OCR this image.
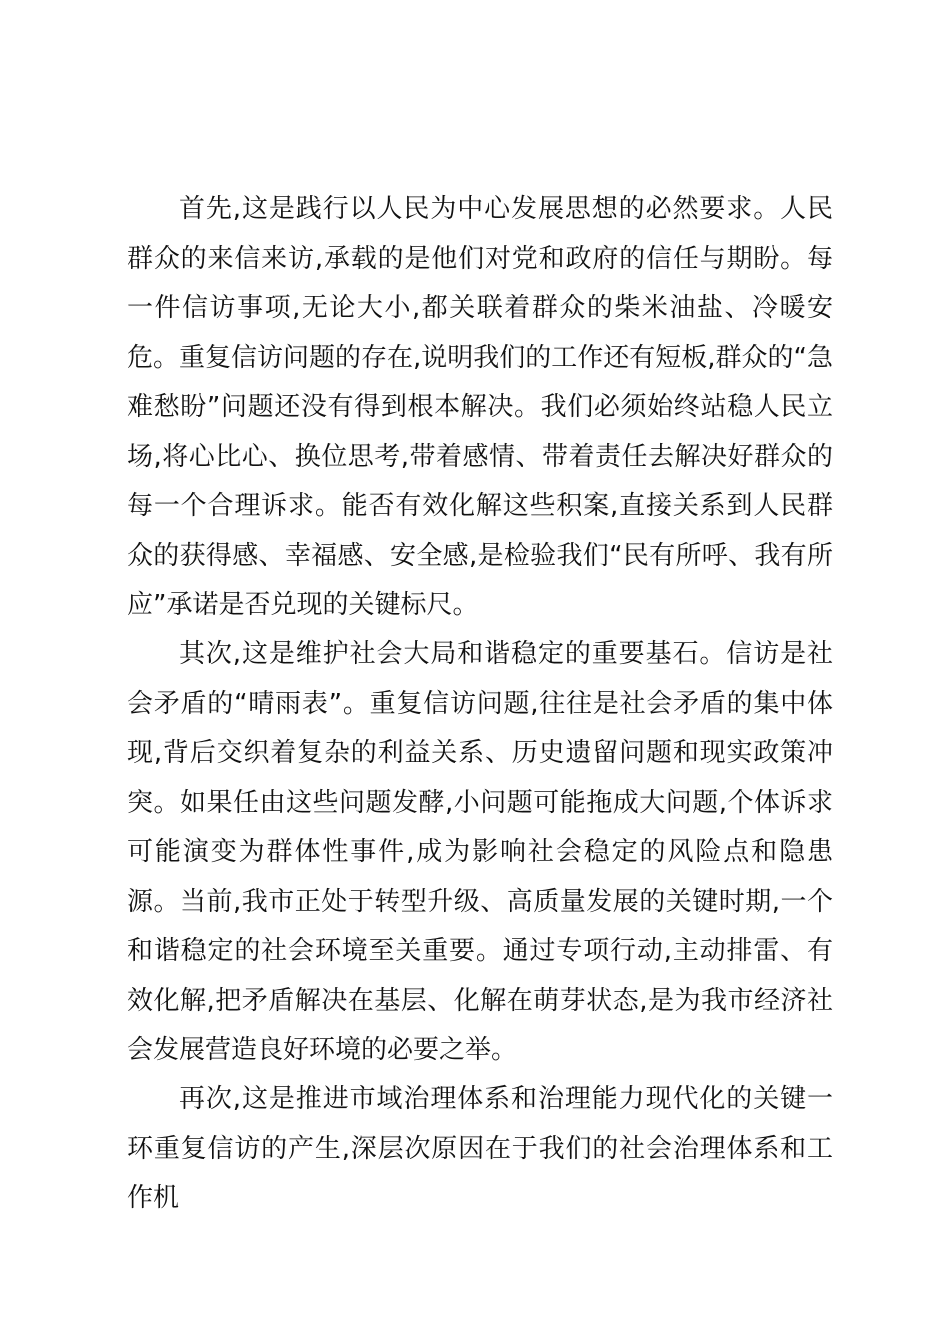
首先,这是践行以人民为中心发展思想的必然要求。人民群众的来信来访,承载的是他们对党和政府的信任与期盼。每一件信访事项,无论大小,都关联着群众的柴米油盐、冷暖安危。重复信访问题的存在,说明我们的工作还有短板,群众的“急难愁盼”问题还没有得到根本解决。我们必须始终站稳人民立场,将心比心、换位思考,带着感情、带着责任去解决好群众的每一个合理诉求。能否有效化解这些积案,直接关系到人民群众的获得感、幸福感、安全感,是检验我们“民有所呼、我有所应”承诺是否兑现的关键标尺。

其次,这是维护社会大局和谐稳定的重要基石。信访是社会矛盾的“晴雨表”。重复信访问题,往往是社会矛盾的集中体现,背后交织着复杂的利益关系、历史遗留问题和现实政策冲突。如果任由这些问题发酵,小问题可能拖成大问题,个体诉求可能演变为群体性事件,成为影响社会稳定的风险点和隐患源。当前,我市正处于转型升级、高质量发展的关键时期,一个和谐稳定的社会环境至关重要。通过专项行动,主动排雷、有效化解,把矛盾解决在基层、化解在萌芽状态,是为我市经济社会发展营造良好环境的必要之举。

再次,这是推进市域治理体系和治理能力现代化的关键一环重复信访的产生,深层次原因在于我们的社会治理体系和工作机
